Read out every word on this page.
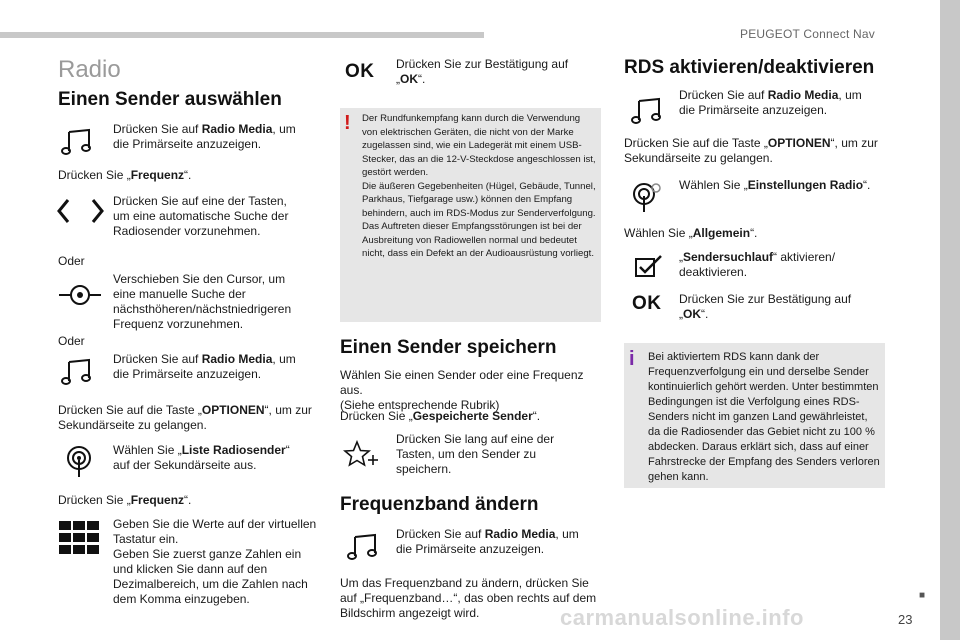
PEUGEOT Connect Nav
■
23
carmanualsonline.info
Radio
Einen Sender auswählen
Drücken Sie auf Radio Media, um die Primärseite anzuzeigen.
Drücken Sie „Frequenz“.
Drücken Sie auf eine der Tasten, um eine automatische Suche der Radiosender vorzunehmen.
Oder
Verschieben Sie den Cursor, um eine manuelle Suche der nächsthöheren/nächstniedrigeren Frequenz vorzunehmen.
Oder
Drücken Sie auf Radio Media, um die Primärseite anzuzeigen.
Drücken Sie auf die Taste „OPTIONEN“, um zur Sekundärseite zu gelangen.
Wählen Sie „Liste Radiosender“ auf der Sekundärseite aus.
Drücken Sie „Frequenz“.
Geben Sie die Werte auf der virtuellen Tastatur ein.
Geben Sie zuerst ganze Zahlen ein und klicken Sie dann auf den Dezimalbereich, um die Zahlen nach dem Komma einzugeben.
OK Drücken Sie zur Bestätigung auf „OK“.
! Der Rundfunkempfang kann durch die Verwendung von elektrischen Geräten, die nicht von der Marke zugelassen sind, wie ein Ladegerät mit einem USB-Stecker, das an die 12-V-Steckdose angeschlossen ist, gestört werden.
Die äußeren Gegebenheiten (Hügel, Gebäude, Tunnel, Parkhaus, Tiefgarage usw.) können den Empfang behindern, auch im RDS-Modus zur Senderverfolgung. Das Auftreten dieser Empfangsstörungen ist bei der Ausbreitung von Radiowellen normal und bedeutet nicht, dass ein Defekt an der Audioausrüstung vorliegt.
Einen Sender speichern
Wählen Sie einen Sender oder eine Frequenz aus.
(Siehe entsprechende Rubrik)
Drücken Sie „Gespeicherte Sender“.
Drücken Sie lang auf eine der Tasten, um den Sender zu speichern.
Frequenzband ändern
Drücken Sie auf Radio Media, um die Primärseite anzuzeigen.
Um das Frequenzband zu ändern, drücken Sie auf „Frequenzband…“, das oben rechts auf dem Bildschirm angezeigt wird.
RDS aktivieren/deaktivieren
Drücken Sie auf Radio Media, um die Primärseite anzuzeigen.
Drücken Sie auf die Taste „OPTIONEN“, um zur Sekundärseite zu gelangen.
Wählen Sie „Einstellungen Radio“.
Wählen Sie „Allgemein“.
„Sendersuchlauf“ aktivieren/ deaktivieren.
OK Drücken Sie zur Bestätigung auf „OK“.
i Bei aktiviertem RDS kann dank der Frequenzverfolgung ein und derselbe Sender kontinuierlich gehört werden. Unter bestimmten Bedingungen ist die Verfolgung eines RDS-Senders nicht im ganzen Land gewährleistet, da die Radiosender das Gebiet nicht zu 100 % abdecken. Daraus erklärt sich, dass auf einer Fahrstrecke der Empfang des Senders verloren gehen kann.
